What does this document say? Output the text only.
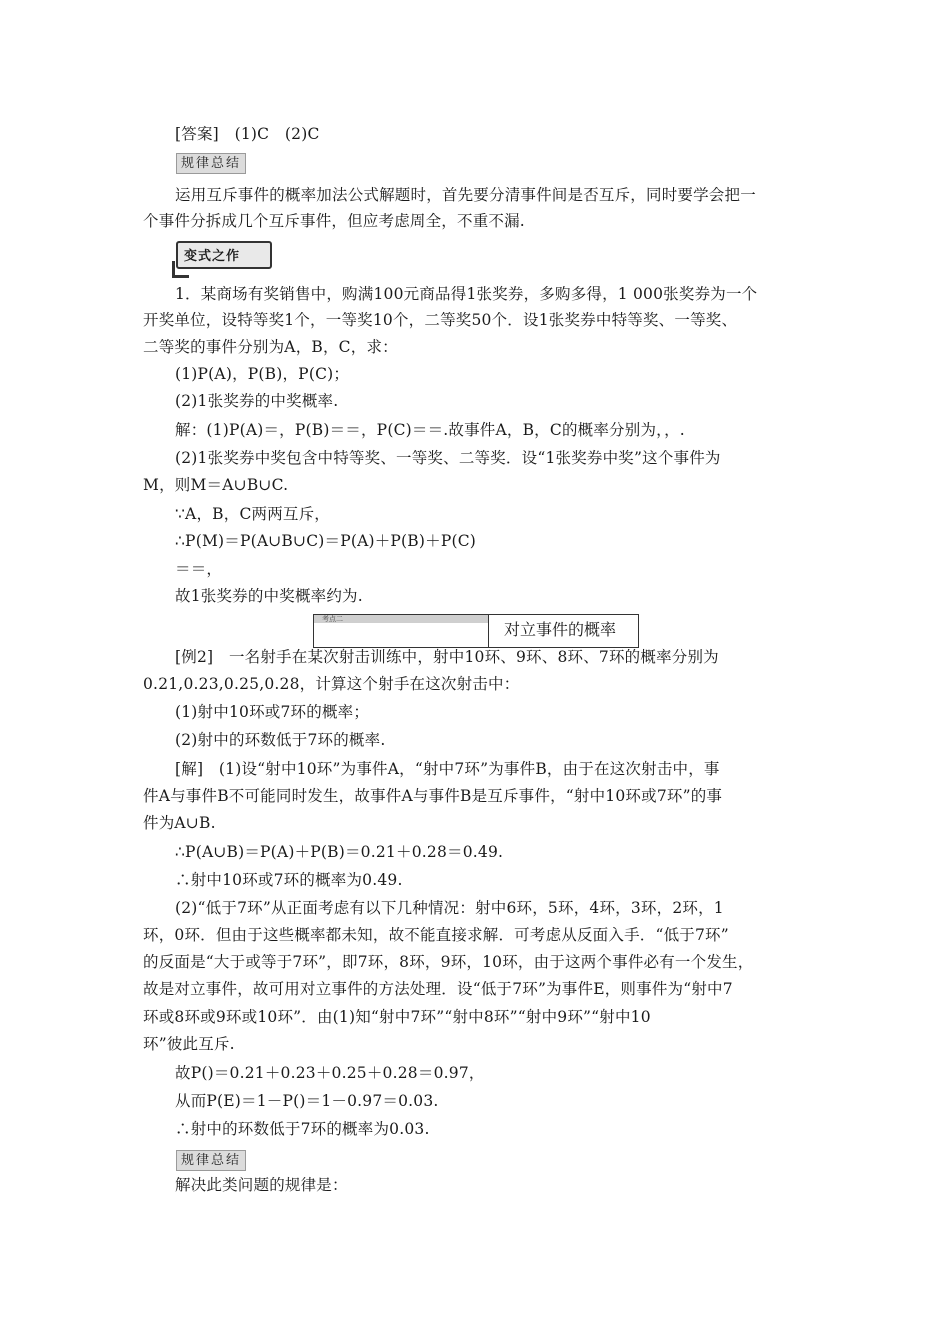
[答案]　(1)C　(2)C
规律总结
运用互斥事件的概率加法公式解题时，首先要分清事件间是否互斥，同时要学会把一
个事件分拆成几个互斥事件，但应考虑周全，不重不漏.
变式之作
1．某商场有奖销售中，购满100元商品得1张奖券，多购多得，1 000张奖券为一个
开奖单位，设特等奖1个，一等奖10个，二等奖50个．设1张奖券中特等奖、一等奖、
二等奖的事件分别为A，B，C，求：
(1)P(A)，P(B)，P(C)；
(2)1张奖券的中奖概率.
解：(1)P(A)＝，P(B)＝＝，P(C)＝＝.故事件A，B，C的概率分别为，，.
(2)1张奖券中奖包含中特等奖、一等奖、二等奖．设“1张奖券中奖”这个事件为
M，则M＝A∪B∪C.
∵A，B，C两两互斥，
∴P(M)＝P(A∪B∪C)＝P(A)＋P(B)＋P(C)
＝＝，
故1张奖券的中奖概率约为.
考点二
对立事件的概率
[例2]　一名射手在某次射击训练中，射中10环、9环、8环、7环的概率分别为
0.21,0.23,0.25,0.28，计算这个射手在这次射击中：
(1)射中10环或7环的概率；
(2)射中的环数低于7环的概率.
[解]　(1)设“射中10环”为事件A，“射中7环”为事件B，由于在这次射击中，事
件A与事件B不可能同时发生，故事件A与事件B是互斥事件，“射中10环或7环”的事
件为A∪B.
∴P(A∪B)＝P(A)＋P(B)＝0.21＋0.28＝0.49.
∴射中10环或7环的概率为0.49.
(2)“低于7环”从正面考虑有以下几种情况：射中6环，5环，4环，3环，2环，1
环，0环．但由于这些概率都未知，故不能直接求解．可考虑从反面入手．“低于7环”
的反面是“大于或等于7环”，即7环，8环，9环，10环，由于这两个事件必有一个发生，
故是对立事件，故可用对立事件的方法处理．设“低于7环”为事件E，则事件为“射中7
环或8环或9环或10环”．由(1)知“射中7环”“射中8环”“射中9环”“射中10
环”彼此互斥.
故P()＝0.21＋0.23＋0.25＋0.28＝0.97，
从而P(E)＝1－P()＝1－0.97＝0.03.
∴射中的环数低于7环的概率为0.03.
规律总结
解决此类问题的规律是：
